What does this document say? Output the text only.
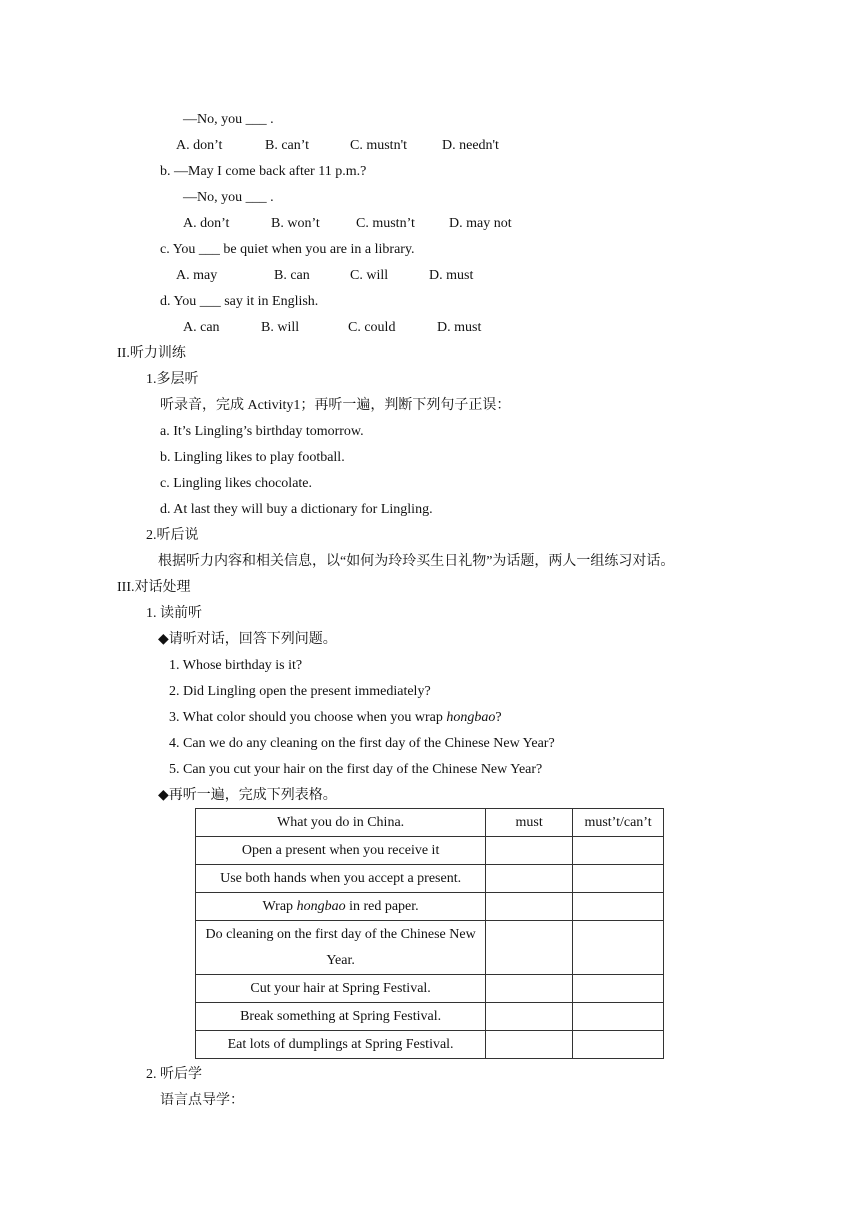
—No, you ___ .
A. don’t	B. can’t	C. mustn't	D. needn't
b. —May I come back after 11 p.m.?
—No, you ___ .
A. don’t	B. won’t	C. mustn’t D. may not
c. You ___ be quiet when you are in a library.
A. may	B. can	C. will	D. must
d. You ___ say it in English.
A. can	B. will	C. could	D. must
II.听力训练
1.多层听
听录音，完成 Activity1；再听一遍，判断下列句子正误：
a. It’s Lingling’s birthday tomorrow.
b. Lingling likes to play football.
c. Lingling likes chocolate.
d. At last they will buy a dictionary for Lingling.
2.听后说
根据听力内容和相关信息，以“如何为玲玲买生日礼物”为话题，两人一组练习对话。
III.对话处理
1. 读前听
◆请听对话，回答下列问题。
1. Whose birthday is it?
2. Did Lingling open the present immediately?
3. What color should you choose when you wrap hongbao?
4. Can we do any cleaning on the first day of the Chinese New Year?
5. Can you cut your hair on the first day of the Chinese New Year?
◆再听一遍，完成下列表格。
What you do in China.	must	must’t/can’t
Open a present when you receive it		
Use both hands when you accept a present.		
Wrap hongbao in red paper.		
Do cleaning on the first day of the Chinese New Year.		
Cut your hair at Spring Festival.		
Break something at Spring Festival.		
Eat lots of dumplings at Spring Festival.		
2. 听后学
语言点导学：
